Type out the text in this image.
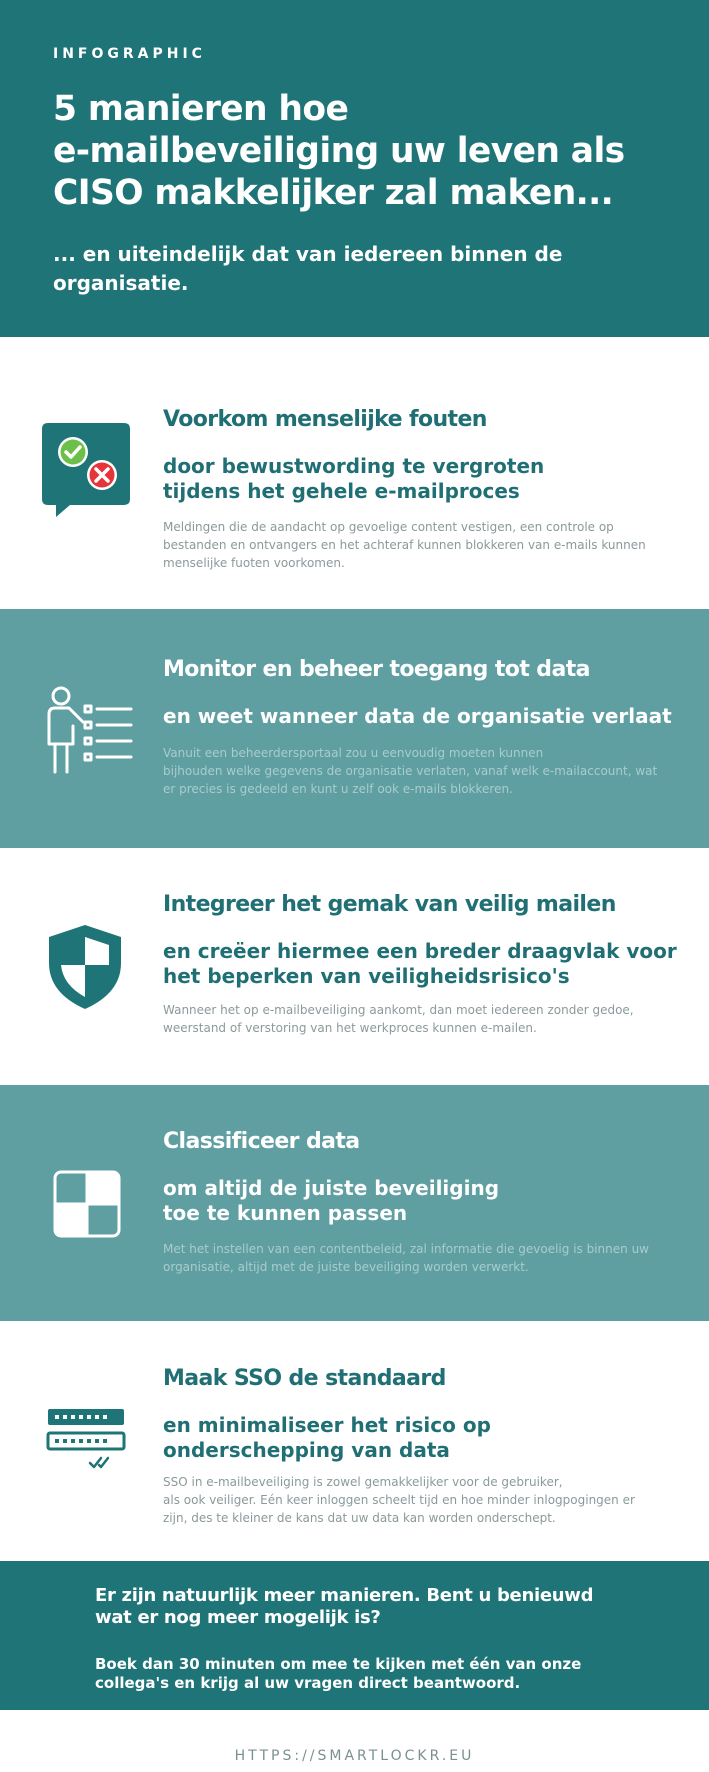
INFOGRAPHIC
5 manieren hoe
e-mailbeveiliging uw leven als
CISO makkelijker zal maken...
... en uiteindelijk dat van iedereen binnen de
organisatie.
Voorkom menselijke fouten
door bewustwording te vergroten
tijdens het gehele e-mailproces
Meldingen die de aandacht op gevoelige content vestigen, een controle op
bestanden en ontvangers en het achteraf kunnen blokkeren van e-mails kunnen
menselijke fuoten voorkomen.
Monitor en beheer toegang tot data
en weet wanneer data de organisatie verlaat
Vanuit een beheerdersportaal zou u eenvoudig moeten kunnen
bijhouden welke gegevens de organisatie verlaten, vanaf welk e-mailaccount, wat
er precies is gedeeld en kunt u zelf ook e-mails blokkeren.
Integreer het gemak van veilig mailen
en creëer hiermee een breder draagvlak voor
het beperken van veiligheidsrisico's
Wanneer het op e-mailbeveiliging aankomt, dan moet iedereen zonder gedoe,
weerstand of verstoring van het werkproces kunnen e-mailen.
Classificeer data
om altijd de juiste beveiliging
toe te kunnen passen
Met het instellen van een contentbeleid, zal informatie die gevoelig is binnen uw
organisatie, altijd met de juiste beveiliging worden verwerkt.
Maak SSO de standaard
en minimaliseer het risico op
onderschepping van data
SSO in e-mailbeveiliging is zowel gemakkelijker voor de gebruiker,
als ook veiliger. Eén keer inloggen scheelt tijd en hoe minder inlogpogingen er
zijn, des te kleiner de kans dat uw data kan worden onderschept.
Er zijn natuurlijk meer manieren. Bent u benieuwd
wat er nog meer mogelijk is?
Boek dan 30 minuten om mee te kijken met één van onze
collega's en krijg al uw vragen direct beantwoord.
HTTPS://SMARTLOCKR.EU
